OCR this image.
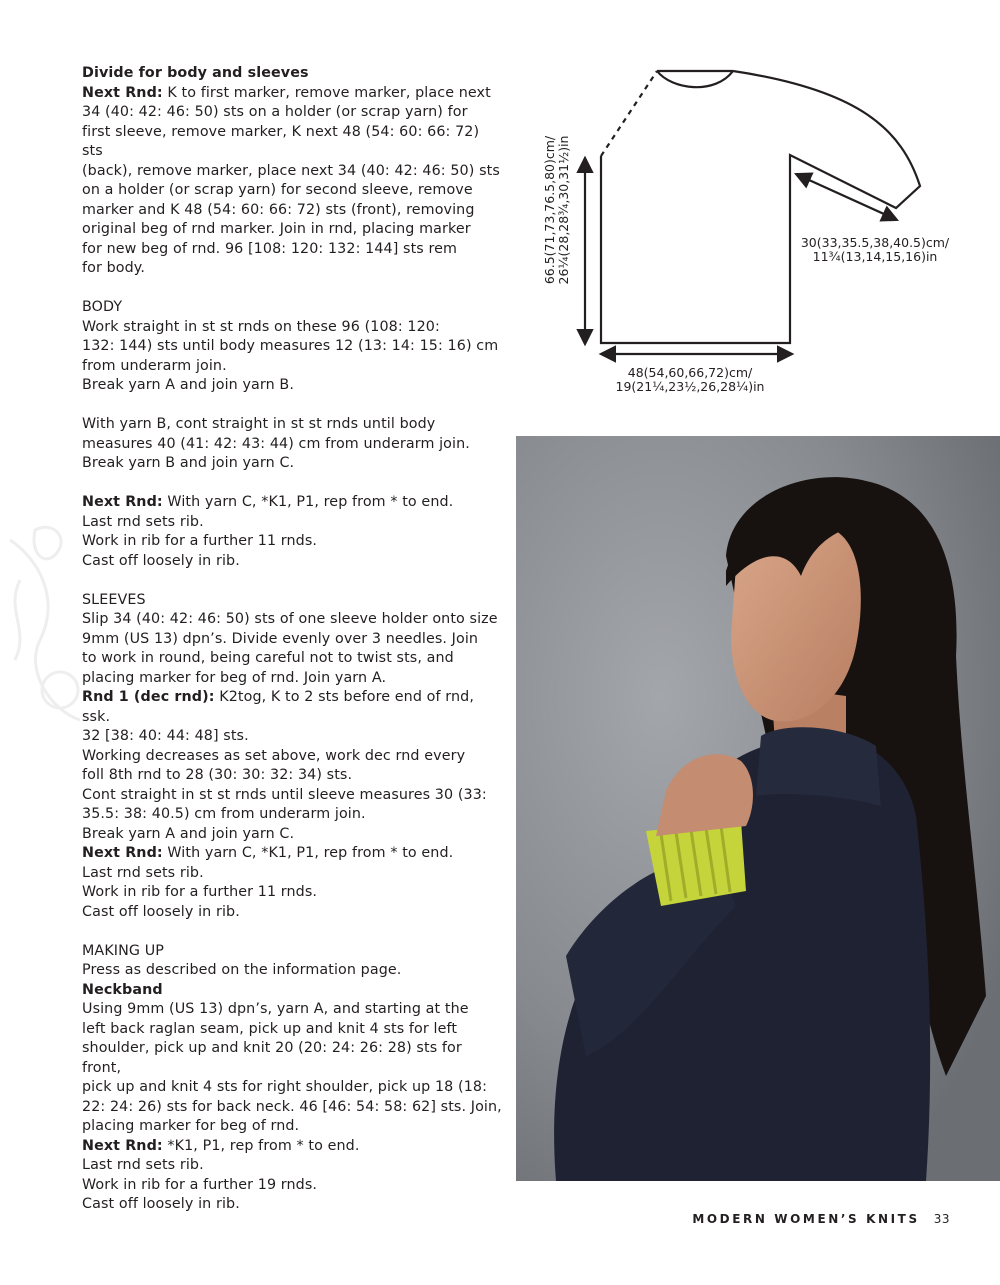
Divide for body and sleeves

Next Rnd: K to first marker, remove marker, place next

34 (40: 42: 46: 50) sts on a holder (or scrap yarn) for

first sleeve, remove marker, K next 48 (54: 60: 66: 72) sts

(back), remove marker, place next 34 (40: 42: 46: 50) sts

on a holder (or scrap yarn) for second sleeve, remove

marker and K 48 (54: 60: 66: 72) sts (front), removing

original beg of rnd marker. Join in rnd, placing marker

for new beg of rnd. 96 [108: 120: 132: 144] sts rem

for body.

BODY

Work straight in st st rnds on these 96 (108: 120:

132: 144) sts until body measures 12 (13: 14: 15: 16) cm

from underarm join.

Break yarn A and join yarn B.

With yarn B, cont straight in st st rnds until body

measures 40 (41: 42: 43: 44) cm from underarm join.

Break yarn B and join yarn C.

Next Rnd: With yarn C, *K1, P1, rep from * to end.

Last rnd sets rib.

Work in rib for a further 11 rnds.

Cast off loosely in rib.

SLEEVES

Slip 34 (40: 42: 46: 50) sts of one sleeve holder onto size

9mm (US 13) dpn’s. Divide evenly over 3 needles. Join

to work in round, being careful not to twist sts, and

placing marker for beg of rnd. Join yarn A.

Rnd 1 (dec rnd): K2tog, K to 2 sts before end of rnd, ssk.

32 [38: 40: 44: 48] sts.

Working decreases as set above, work dec rnd every

foll 8th rnd to 28 (30: 30: 32: 34) sts.

Cont straight in st st rnds until sleeve measures 30 (33:

35.5: 38: 40.5) cm from underarm join.

Break yarn A and join yarn C.

Next Rnd: With yarn C, *K1, P1, rep from * to end.

Last rnd sets rib.

Work in rib for a further 11 rnds.

Cast off loosely in rib.

MAKING UP

Press as described on the information page.

Neckband

Using 9mm (US 13) dpn’s, yarn A, and starting at the

left back raglan seam, pick up and knit 4 sts for left

shoulder, pick up and knit 20 (20: 24: 26: 28) sts for front,

pick up and knit 4 sts for right shoulder, pick up 18 (18:

22: 24: 26) sts for back neck. 46 [46: 54: 58: 62] sts. Join,

placing marker for beg of rnd.

Next Rnd: *K1, P1, rep from * to end.

Last rnd sets rib.

Work in rib for a further 19 rnds.

Cast off loosely in rib.

66.5(71,73,76.5,80)cm/ 26¼(28,28¾,30,31½)in
48(54,60,66,72)cm/
19(21¼,23½,26,28¼)in
30(33,35.5,38,40.5)cm/
11¾(13,14,15,16)in
MODERN WOMEN’S KNITS 33
